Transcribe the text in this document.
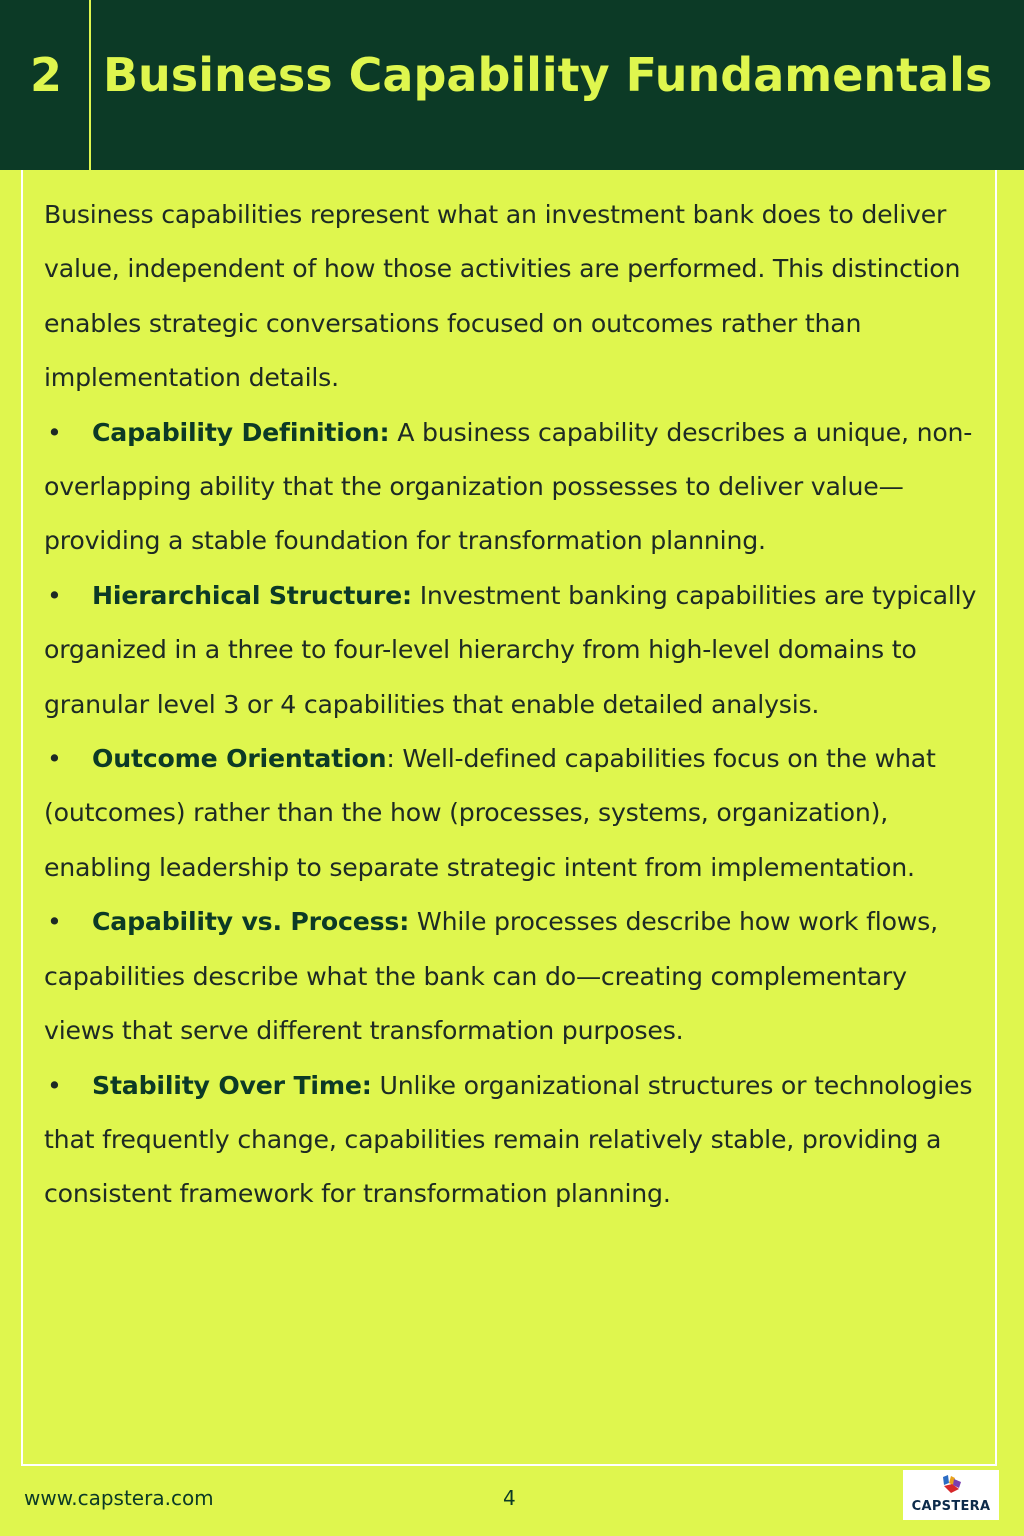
2 Business Capability Fundamentals

Business capabilities represent what an investment bank does to deliver value, independent of how those activities are performed. This distinction enables strategic conversations focused on outcomes rather than implementation details.

• Capability Definition: A business capability describes a unique, non-overlapping ability that the organization possesses to deliver value—providing a stable foundation for transformation planning.
• Hierarchical Structure: Investment banking capabilities are typically organized in a three to four-level hierarchy from high-level domains to granular level 3 or 4 capabilities that enable detailed analysis.
• Outcome Orientation: Well-defined capabilities focus on the what (outcomes) rather than the how (processes, systems, organization), enabling leadership to separate strategic intent from implementation.
• Capability vs. Process: While processes describe how work flows, capabilities describe what the bank can do—creating complementary views that serve different transformation purposes.
• Stability Over Time: Unlike organizational structures or technologies that frequently change, capabilities remain relatively stable, providing a consistent framework for transformation planning.
www.capstera.com	4	CAPSTERA
